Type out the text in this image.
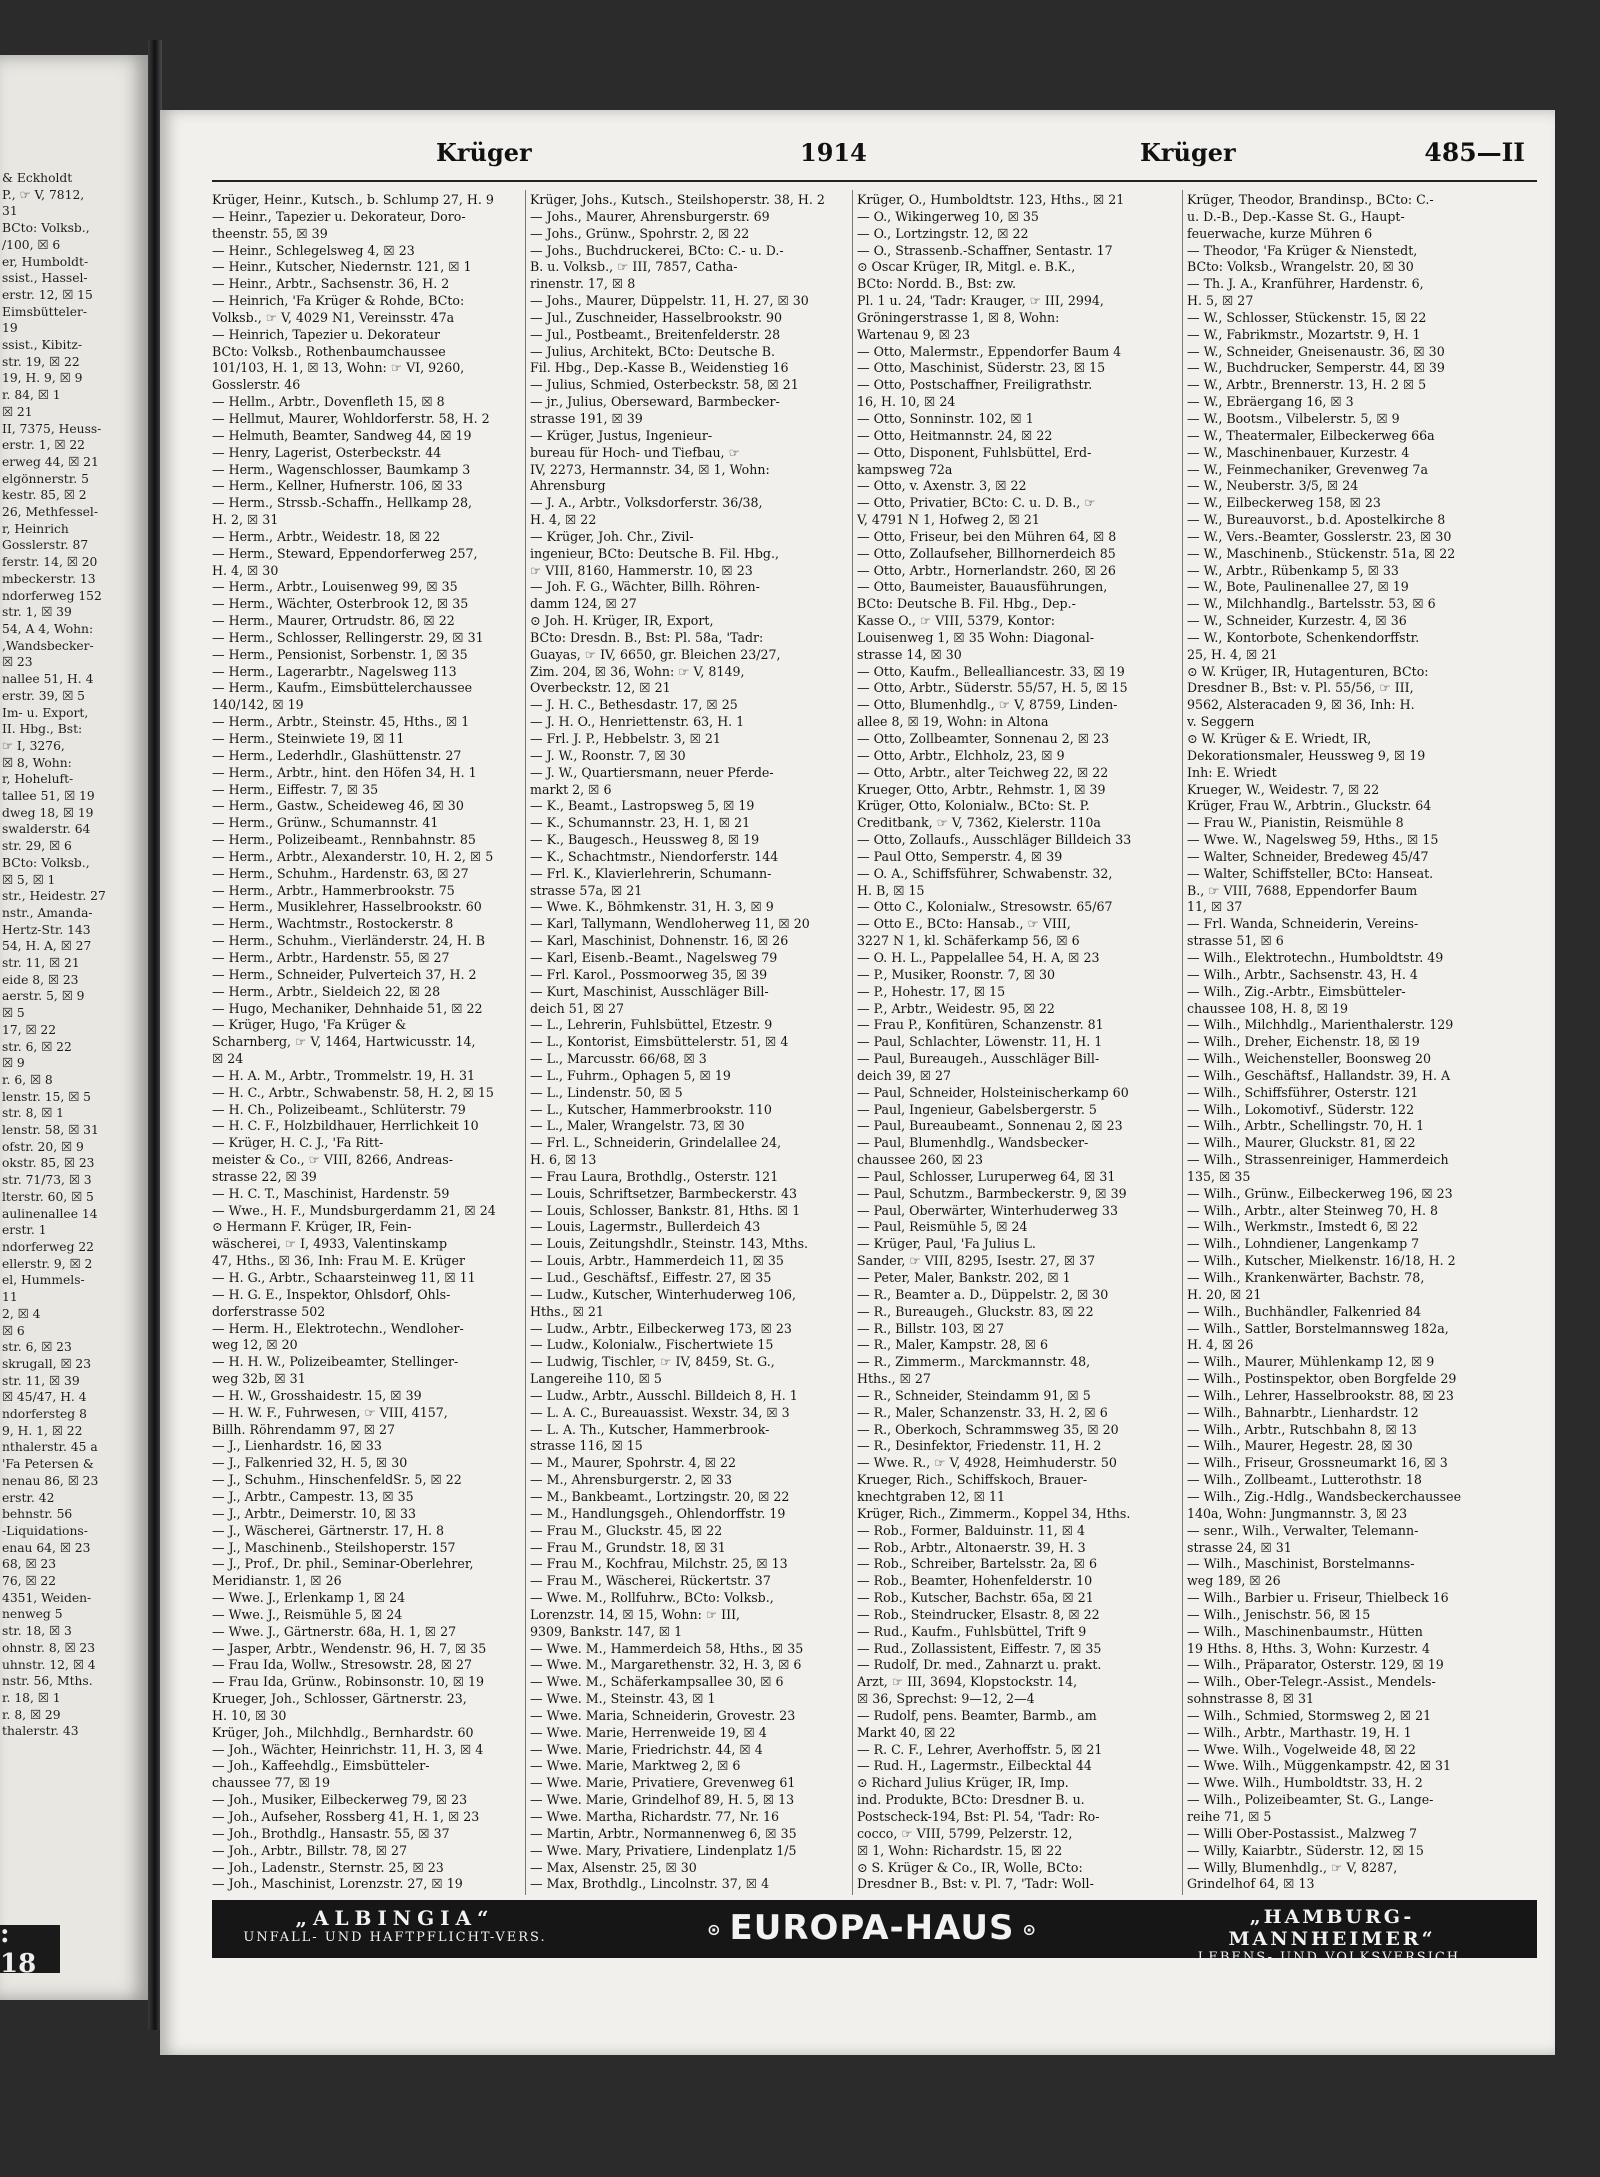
& Eckholdt
P., ☞ V, 7812,
31
BCto: Volksb.,
/100, ☒ 6
er, Humboldt-
ssist., Hassel-
erstr. 12, ☒ 15
Eimsbütteler-
19
ssist., Kibitz-
str. 19, ☒ 22
19, H. 9, ☒ 9
r. 84, ☒ 1
☒ 21
II, 7375, Heuss-
erstr. 1, ☒ 22
erweg 44, ☒ 21
elgönnerstr. 5
kestr. 85, ☒ 2
26, Methfessel-
r, Heinrich
Gosslerstr. 87
ferstr. 14, ☒ 20
mbeckerstr. 13
ndorferweg 152
str. 1, ☒ 39
54, A 4, Wohn:
,Wandsbecker-
☒ 23
nallee 51, H. 4
erstr. 39, ☒ 5
Im- u. Export,
II. Hbg., Bst:
☞ I, 3276,
☒ 8, Wohn:
r, Hoheluft-
tallee 51, ☒ 19
dweg 18, ☒ 19
swalderstr. 64
str. 29, ☒ 6
BCto: Volksb.,
☒ 5, ☒ 1
str., Heidestr. 27
nstr., Amanda-
Hertz-Str. 143
54, H. A, ☒ 27
str. 11, ☒ 21
eide 8, ☒ 23
aerstr. 5, ☒ 9
☒ 5
17, ☒ 22
str. 6, ☒ 22
☒ 9
r. 6, ☒ 8
lenstr. 15, ☒ 5
str. 8, ☒ 1
lenstr. 58, ☒ 31
ofstr. 20, ☒ 9
okstr. 85, ☒ 23
str. 71/73, ☒ 3
lterstr. 60, ☒ 5
aulinenallee 14
erstr. 1
ndorferweg 22
ellerstr. 9, ☒ 2
el, Hummels-
11
2, ☒ 4
☒ 6
str. 6, ☒ 23
skrugall, ☒ 23
str. 11, ☒ 39
☒ 45/47, H. 4
ndorfersteg 8
9, H. 1, ☒ 22
nthalerstr. 45 a
'Fa Petersen &
nenau 86, ☒ 23
erstr. 42
behnstr. 56
-Liquidations-
enau 64, ☒ 23
68, ☒ 23
76, ☒ 22
4351, Weiden-
nenweg 5
str. 18, ☒ 3
ohnstr. 8, ☒ 23
uhnstr. 12, ☒ 4
nstr. 56, Mths.
r. 18, ☒ 1
r. 8, ☒ 29
thalerstr. 43
: 18
Krüger	1914	Krüger	485—II
Krüger, Heinr., Kutsch., b. Schlump 27, H. 9
— Heinr., Tapezier u. Dekorateur, Doro-
theenstr. 55, ☒ 39
— Heinr., Schlegelsweg 4, ☒ 23
— Heinr., Kutscher, Niedernstr. 121, ☒ 1
— Heinr., Arbtr., Sachsenstr. 36, H. 2
— Heinrich, 'Fa Krüger & Rohde, BCto:
Volksb., ☞ V, 4029 N1, Vereinsstr. 47a
— Heinrich, Tapezier u. Dekorateur
BCto: Volksb., Rothenbaumchaussee
101/103, H. 1, ☒ 13, Wohn: ☞ VI, 9260,
Gosslerstr. 46
— Hellm., Arbtr., Dovenfleth 15, ☒ 8
— Hellmut, Maurer, Wohldorferstr. 58, H. 2
— Helmuth, Beamter, Sandweg 44, ☒ 19
— Henry, Lagerist, Osterbeckstr. 44
— Herm., Wagenschlosser, Baumkamp 3
— Herm., Kellner, Hufnerstr. 106, ☒ 33
— Herm., Strssb.-Schaffn., Hellkamp 28,
H. 2, ☒ 31
— Herm., Arbtr., Weidestr. 18, ☒ 22
— Herm., Steward, Eppendorferweg 257,
H. 4, ☒ 30
— Herm., Arbtr., Louisenweg 99, ☒ 35
— Herm., Wächter, Osterbrook 12, ☒ 35
— Herm., Maurer, Ortrudstr. 86, ☒ 22
— Herm., Schlosser, Rellingerstr. 29, ☒ 31
— Herm., Pensionist, Sorbenstr. 1, ☒ 35
— Herm., Lagerarbtr., Nagelsweg 113
— Herm., Kaufm., Eimsbüttelerchaussee
140/142, ☒ 19
— Herm., Arbtr., Steinstr. 45, Hths., ☒ 1
— Herm., Steinwiete 19, ☒ 11
— Herm., Lederhdlr., Glashüttenstr. 27
— Herm., Arbtr., hint. den Höfen 34, H. 1
— Herm., Eiffestr. 7, ☒ 35
— Herm., Gastw., Scheideweg 46, ☒ 30
— Herm., Grünw., Schumannstr. 41
— Herm., Polizeibeamt., Rennbahnstr. 85
— Herm., Arbtr., Alexanderstr. 10, H. 2, ☒ 5
— Herm., Schuhm., Hardenstr. 63, ☒ 27
— Herm., Arbtr., Hammerbrookstr. 75
— Herm., Musiklehrer, Hasselbrookstr. 60
— Herm., Wachtmstr., Rostockerstr. 8
— Herm., Schuhm., Vierländerstr. 24, H. B
— Herm., Arbtr., Hardenstr. 55, ☒ 27
— Herm., Schneider, Pulverteich 37, H. 2
— Herm., Arbtr., Sieldeich 22, ☒ 28
— Hugo, Mechaniker, Dehnhaide 51, ☒ 22
— Krüger, Hugo, 'Fa Krüger &
Scharnberg, ☞ V, 1464, Hartwicusstr. 14,
☒ 24
— H. A. M., Arbtr., Trommelstr. 19, H. 31
— H. C., Arbtr., Schwabenstr. 58, H. 2, ☒ 15
— H. Ch., Polizeibeamt., Schlüterstr. 79
— H. C. F., Holzbildhauer, Herrlichkeit 10
— Krüger, H. C. J., 'Fa Ritt-
meister & Co., ☞ VIII, 8266, Andreas-
strasse 22, ☒ 39
— H. C. T., Maschinist, Hardenstr. 59
— Wwe., H. F., Mundsburgerdamm 21, ☒ 24
⊙ Hermann F. Krüger, IR, Fein-
wäscherei, ☞ I, 4933, Valentinskamp
47, Hths., ☒ 36, Inh: Frau M. E. Krüger
— H. G., Arbtr., Schaarsteinweg 11, ☒ 11
— H. G. E., Inspektor, Ohlsdorf, Ohls-
dorferstrasse 502
— Herm. H., Elektrotechn., Wendloher-
weg 12, ☒ 20
— H. H. W., Polizeibeamter, Stellinger-
weg 32b, ☒ 31
— H. W., Grosshaidestr. 15, ☒ 39
— H. W. F., Fuhrwesen, ☞ VIII, 4157,
Billh. Röhrendamm 97, ☒ 27
— J., Lienhardstr. 16, ☒ 33
— J., Falkenried 32, H. 5, ☒ 30
— J., Schuhm., HinschenfeldSr. 5, ☒ 22
— J., Arbtr., Campestr. 13, ☒ 35
— J., Arbtr., Deimerstr. 10, ☒ 33
— J., Wäscherei, Gärtnerstr. 17, H. 8
— J., Maschinenb., Steilshoperstr. 157
— J., Prof., Dr. phil., Seminar-Oberlehrer,
Meridianstr. 1, ☒ 26
— Wwe. J., Erlenkamp 1, ☒ 24
— Wwe. J., Reismühle 5, ☒ 24
— Wwe. J., Gärtnerstr. 68a, H. 1, ☒ 27
— Jasper, Arbtr., Wendenstr. 96, H. 7, ☒ 35
— Frau Ida, Wollw., Stresowstr. 28, ☒ 27
— Frau Ida, Grünw., Robinsonstr. 10, ☒ 19
Krueger, Joh., Schlosser, Gärtnerstr. 23,
H. 10, ☒ 30
Krüger, Joh., Milchhdlg., Bernhardstr. 60
— Joh., Wächter, Heinrichstr. 11, H. 3, ☒ 4
— Joh., Kaffeehdlg., Eimsbütteler-
chaussee 77, ☒ 19
— Joh., Musiker, Eilbeckerweg 79, ☒ 23
— Joh., Aufseher, Rossberg 41, H. 1, ☒ 23
— Joh., Brothdlg., Hansastr. 55, ☒ 37
— Joh., Arbtr., Billstr. 78, ☒ 27
— Joh., Ladenstr., Sternstr. 25, ☒ 23
— Joh., Maschinist, Lorenzstr. 27, ☒ 19
Krüger, Johs., Kutsch., Steilshoperstr. 38, H. 2
— Johs., Maurer, Ahrensburgerstr. 69
— Johs., Grünw., Spohrstr. 2, ☒ 22
— Johs., Buchdruckerei, BCto: C.- u. D.-
B. u. Volksb., ☞ III, 7857, Catha-
rinenstr. 17, ☒ 8
— Johs., Maurer, Düppelstr. 11, H. 27, ☒ 30
— Jul., Zuschneider, Hasselbrookstr. 90
— Jul., Postbeamt., Breitenfelderstr. 28
— Julius, Architekt, BCto: Deutsche B.
Fil. Hbg., Dep.-Kasse B., Weidenstieg 16
— Julius, Schmied, Osterbeckstr. 58, ☒ 21
— jr., Julius, Oberseward, Barmbecker-
strasse 191, ☒ 39
— Krüger, Justus, Ingenieur-
bureau für Hoch- und Tiefbau, ☞
IV, 2273, Hermannstr. 34, ☒ 1, Wohn:
Ahrensburg
— J. A., Arbtr., Volksdorferstr. 36/38,
H. 4, ☒ 22
— Krüger, Joh. Chr., Zivil-
ingenieur, BCto: Deutsche B. Fil. Hbg.,
☞ VIII, 8160, Hammerstr. 10, ☒ 23
— Joh. F. G., Wächter, Billh. Röhren-
damm 124, ☒ 27
⊙ Joh. H. Krüger, IR, Export,
BCto: Dresdn. B., Bst: Pl. 58a, 'Tadr:
Guayas, ☞ IV, 6650, gr. Bleichen 23/27,
Zim. 204, ☒ 36, Wohn: ☞ V, 8149,
Overbeckstr. 12, ☒ 21
— J. H. C., Bethesdastr. 17, ☒ 25
— J. H. O., Henriettenstr. 63, H. 1
— Frl. J. P., Hebbelstr. 3, ☒ 21
— J. W., Roonstr. 7, ☒ 30
— J. W., Quartiersmann, neuer Pferde-
markt 2, ☒ 6
— K., Beamt., Lastropsweg 5, ☒ 19
— K., Schumannstr. 23, H. 1, ☒ 21
— K., Baugesch., Heussweg 8, ☒ 19
— K., Schachtmstr., Niendorferstr. 144
— Frl. K., Klavierlehrerin, Schumann-
strasse 57a, ☒ 21
— Wwe. K., Böhmkenstr. 31, H. 3, ☒ 9
— Karl, Tallymann, Wendloherweg 11, ☒ 20
— Karl, Maschinist, Dohnenstr. 16, ☒ 26
— Karl, Eisenb.-Beamt., Nagelsweg 79
— Frl. Karol., Possmoorweg 35, ☒ 39
— Kurt, Maschinist, Ausschläger Bill-
deich 51, ☒ 27
— L., Lehrerin, Fuhlsbüttel, Etzestr. 9
— L., Kontorist, Eimsbüttelerstr. 51, ☒ 4
— L., Marcusstr. 66/68, ☒ 3
— L., Fuhrm., Ophagen 5, ☒ 19
— L., Lindenstr. 50, ☒ 5
— L., Kutscher, Hammerbrookstr. 110
— L., Maler, Wrangelstr. 73, ☒ 30
— Frl. L., Schneiderin, Grindelallee 24,
H. 6, ☒ 13
— Frau Laura, Brothdlg., Osterstr. 121
— Louis, Schriftsetzer, Barmbeckerstr. 43
— Louis, Schlosser, Bankstr. 81, Hths. ☒ 1
— Louis, Lagermstr., Bullerdeich 43
— Louis, Zeitungshdlr., Steinstr. 143, Mths.
— Louis, Arbtr., Hammerdeich 11, ☒ 35
— Lud., Geschäftsf., Eiffestr. 27, ☒ 35
— Ludw., Kutscher, Winterhuderweg 106,
Hths., ☒ 21
— Ludw., Arbtr., Eilbeckerweg 173, ☒ 23
— Ludw., Kolonialw., Fischertwiete 15
— Ludwig, Tischler, ☞ IV, 8459, St. G.,
Langereihe 110, ☒ 5
— Ludw., Arbtr., Ausschl. Billdeich 8, H. 1
— L. A. C., Bureauassist. Wexstr. 34, ☒ 3
— L. A. Th., Kutscher, Hammerbrook-
strasse 116, ☒ 15
— M., Maurer, Spohrstr. 4, ☒ 22
— M., Ahrensburgerstr. 2, ☒ 33
— M., Bankbeamt., Lortzingstr. 20, ☒ 22
— M., Handlungsgeh., Ohlendorffstr. 19
— Frau M., Gluckstr. 45, ☒ 22
— Frau M., Grundstr. 18, ☒ 31
— Frau M., Kochfrau, Milchstr. 25, ☒ 13
— Frau M., Wäscherei, Rückertstr. 37
— Wwe. M., Rollfuhrw., BCto: Volksb.,
Lorenzstr. 14, ☒ 15, Wohn: ☞ III,
9309, Bankstr. 147, ☒ 1
— Wwe. M., Hammerdeich 58, Hths., ☒ 35
— Wwe. M., Margarethenstr. 32, H. 3, ☒ 6
— Wwe. M., Schäferkampsallee 30, ☒ 6
— Wwe. M., Steinstr. 43, ☒ 1
— Wwe. Maria, Schneiderin, Grovestr. 23
— Wwe. Marie, Herrenweide 19, ☒ 4
— Wwe. Marie, Friedrichstr. 44, ☒ 4
— Wwe. Marie, Marktweg 2, ☒ 6
— Wwe. Marie, Privatiere, Grevenweg 61
— Wwe. Marie, Grindelhof 89, H. 5, ☒ 13
— Wwe. Martha, Richardstr. 77, Nr. 16
— Martin, Arbtr., Normannenweg 6, ☒ 35
— Wwe. Mary, Privatiere, Lindenplatz 1/5
— Max, Alsenstr. 25, ☒ 30
— Max, Brothdlg., Lincolnstr. 37, ☒ 4
Krüger, O., Humboldtstr. 123, Hths., ☒ 21
— O., Wikingerweg 10, ☒ 35
— O., Lortzingstr. 12, ☒ 22
— O., Strassenb.-Schaffner, Sentastr. 17
⊙ Oscar Krüger, IR, Mitgl. e. B.K.,
BCto: Nordd. B., Bst: zw.
Pl. 1 u. 24, 'Tadr: Krauger, ☞ III, 2994,
Gröningerstrasse 1, ☒ 8, Wohn:
Wartenau 9, ☒ 23
— Otto, Malermstr., Eppendorfer Baum 4
— Otto, Maschinist, Süderstr. 23, ☒ 15
— Otto, Postschaffner, Freiligrathstr.
16, H. 10, ☒ 24
— Otto, Sonninstr. 102, ☒ 1
— Otto, Heitmannstr. 24, ☒ 22
— Otto, Disponent, Fuhlsbüttel, Erd-
kampsweg 72a
— Otto, v. Axenstr. 3, ☒ 22
— Otto, Privatier, BCto: C. u. D. B., ☞
V, 4791 N 1, Hofweg 2, ☒ 21
— Otto, Friseur, bei den Mühren 64, ☒ 8
— Otto, Zollaufseher, Billhornerdeich 85
— Otto, Arbtr., Hornerlandstr. 260, ☒ 26
— Otto, Baumeister, Bauausführungen,
BCto: Deutsche B. Fil. Hbg., Dep.-
Kasse O., ☞ VIII, 5379, Kontor:
Louisenweg 1, ☒ 35 Wohn: Diagonal-
strasse 14, ☒ 30
— Otto, Kaufm., Bellealliancestr. 33, ☒ 19
— Otto, Arbtr., Süderstr. 55/57, H. 5, ☒ 15
— Otto, Blumenhdlg., ☞ V, 8759, Linden-
allee 8, ☒ 19, Wohn: in Altona
— Otto, Zollbeamter, Sonnenau 2, ☒ 23
— Otto, Arbtr., Elchholz, 23, ☒ 9
— Otto, Arbtr., alter Teichweg 22, ☒ 22
Krueger, Otto, Arbtr., Rehmstr. 1, ☒ 39
Krüger, Otto, Kolonialw., BCto: St. P.
Creditbank, ☞ V, 7362, Kielerstr. 110a
— Otto, Zollaufs., Ausschläger Billdeich 33
— Paul Otto, Semperstr. 4, ☒ 39
— O. A., Schiffsführer, Schwabenstr. 32,
H. B, ☒ 15
— Otto C., Kolonialw., Stresowstr. 65/67
— Otto E., BCto: Hansab., ☞ VIII,
3227 N 1, kl. Schäferkamp 56, ☒ 6
— O. H. L., Pappelallee 54, H. A, ☒ 23
— P., Musiker, Roonstr. 7, ☒ 30
— P., Hohestr. 17, ☒ 15
— P., Arbtr., Weidestr. 95, ☒ 22
— Frau P., Konfitüren, Schanzenstr. 81
— Paul, Schlachter, Löwenstr. 11, H. 1
— Paul, Bureaugeh., Ausschläger Bill-
deich 39, ☒ 27
— Paul, Schneider, Holsteinischerkamp 60
— Paul, Ingenieur, Gabelsbergerstr. 5
— Paul, Bureaubeamt., Sonnenau 2, ☒ 23
— Paul, Blumenhdlg., Wandsbecker-
chaussee 260, ☒ 23
— Paul, Schlosser, Luruperweg 64, ☒ 31
— Paul, Schutzm., Barmbeckerstr. 9, ☒ 39
— Paul, Oberwärter, Winterhuderweg 33
— Paul, Reismühle 5, ☒ 24
— Krüger, Paul, 'Fa Julius L.
Sander, ☞ VIII, 8295, Isestr. 27, ☒ 37
— Peter, Maler, Bankstr. 202, ☒ 1
— R., Beamter a. D., Düppelstr. 2, ☒ 30
— R., Bureaugeh., Gluckstr. 83, ☒ 22
— R., Billstr. 103, ☒ 27
— R., Maler, Kampstr. 28, ☒ 6
— R., Zimmerm., Marckmannstr. 48,
Hths., ☒ 27
— R., Schneider, Steindamm 91, ☒ 5
— R., Maler, Schanzenstr. 33, H. 2, ☒ 6
— R., Oberkoch, Schrammsweg 35, ☒ 20
— R., Desinfektor, Friedenstr. 11, H. 2
— Wwe. R., ☞ V, 4928, Heimhuderstr. 50
Krueger, Rich., Schiffskoch, Brauer-
knechtgraben 12, ☒ 11
Krüger, Rich., Zimmerm., Koppel 34, Hths.
— Rob., Former, Balduinstr. 11, ☒ 4
— Rob., Arbtr., Altonaerstr. 39, H. 3
— Rob., Schreiber, Bartelsstr. 2a, ☒ 6
— Rob., Beamter, Hohenfelderstr. 10
— Rob., Kutscher, Bachstr. 65a, ☒ 21
— Rob., Steindrucker, Elsastr. 8, ☒ 22
— Rud., Kaufm., Fuhlsbüttel, Trift 9
— Rud., Zollassistent, Eiffestr. 7, ☒ 35
— Rudolf, Dr. med., Zahnarzt u. prakt.
Arzt, ☞ III, 3694, Klopstockstr. 14,
☒ 36, Sprechst: 9—12, 2—4
— Rudolf, pens. Beamter, Barmb., am
Markt 40, ☒ 22
— R. C. F., Lehrer, Averhoffstr. 5, ☒ 21
— Rud. H., Lagermstr., Eilbecktal 44
⊙ Richard Julius Krüger, IR, Imp.
ind. Produkte, BCto: Dresdner B. u.
Postscheck-194, Bst: Pl. 54, 'Tadr: Ro-
cocco, ☞ VIII, 5799, Pelzerstr. 12,
☒ 1, Wohn: Richardstr. 15, ☒ 22
⊙ S. Krüger & Co., IR, Wolle, BCto:
Dresdner B., Bst: v. Pl. 7, 'Tadr: Woll-
Krüger, Theodor, Brandinsp., BCto: C.-
u. D.-B., Dep.-Kasse St. G., Haupt-
feuerwache, kurze Mühren 6
— Theodor, 'Fa Krüger & Nienstedt,
BCto: Volksb., Wrangelstr. 20, ☒ 30
— Th. J. A., Kranführer, Hardenstr. 6,
H. 5, ☒ 27
— W., Schlosser, Stückenstr. 15, ☒ 22
— W., Fabrikmstr., Mozartstr. 9, H. 1
— W., Schneider, Gneisenaustr. 36, ☒ 30
— W., Buchdrucker, Semperstr. 44, ☒ 39
— W., Arbtr., Brennerstr. 13, H. 2 ☒ 5
— W., Ebräergang 16, ☒ 3
— W., Bootsm., Vilbelerstr. 5, ☒ 9
— W., Theatermaler, Eilbeckerweg 66a
— W., Maschinenbauer, Kurzestr. 4
— W., Feinmechaniker, Grevenweg 7a
— W., Neuberstr. 3/5, ☒ 24
— W., Eilbeckerweg 158, ☒ 23
— W., Bureauvorst., b.d. Apostelkirche 8
— W., Vers.-Beamter, Gosslerstr. 23, ☒ 30
— W., Maschinenb., Stückenstr. 51a, ☒ 22
— W., Arbtr., Rübenkamp 5, ☒ 33
— W., Bote, Paulinenallee 27, ☒ 19
— W., Milchhandlg., Bartelsstr. 53, ☒ 6
— W., Schneider, Kurzestr. 4, ☒ 36
— W., Kontorbote, Schenkendorffstr.
25, H. 4, ☒ 21
⊙ W. Krüger, IR, Hutagenturen, BCto:
Dresdner B., Bst: v. Pl. 55/56, ☞ III,
9562, Alsteracaden 9, ☒ 36, Inh: H.
v. Seggern
⊙ W. Krüger & E. Wriedt, IR,
Dekorationsmaler, Heussweg 9, ☒ 19
Inh: E. Wriedt
Krueger, W., Weidestr. 7, ☒ 22
Krüger, Frau W., Arbtrin., Gluckstr. 64
— Frau W., Pianistin, Reismühle 8
— Wwe. W., Nagelsweg 59, Hths., ☒ 15
— Walter, Schneider, Bredeweg 45/47
— Walter, Schiffsteller, BCto: Hanseat.
B., ☞ VIII, 7688, Eppendorfer Baum
11, ☒ 37
— Frl. Wanda, Schneiderin, Vereins-
strasse 51, ☒ 6
— Wilh., Elektrotechn., Humboldtstr. 49
— Wilh., Arbtr., Sachsenstr. 43, H. 4
— Wilh., Zig.-Arbtr., Eimsbütteler-
chaussee 108, H. 8, ☒ 19
— Wilh., Milchhdlg., Marienthalerstr. 129
— Wilh., Dreher, Eichenstr. 18, ☒ 19
— Wilh., Weichensteller, Boonsweg 20
— Wilh., Geschäftsf., Hallandstr. 39, H. A
— Wilh., Schiffsführer, Osterstr. 121
— Wilh., Lokomotivf., Süderstr. 122
— Wilh., Arbtr., Schellingstr. 70, H. 1
— Wilh., Maurer, Gluckstr. 81, ☒ 22
— Wilh., Strassenreiniger, Hammerdeich
135, ☒ 35
— Wilh., Grünw., Eilbeckerweg 196, ☒ 23
— Wilh., Arbtr., alter Steinweg 70, H. 8
— Wilh., Werkmstr., Imstedt 6, ☒ 22
— Wilh., Lohndiener, Langenkamp 7
— Wilh., Kutscher, Mielkenstr. 16/18, H. 2
— Wilh., Krankenwärter, Bachstr. 78,
H. 20, ☒ 21
— Wilh., Buchhändler, Falkenried 84
— Wilh., Sattler, Borstelmannsweg 182a,
H. 4, ☒ 26
— Wilh., Maurer, Mühlenkamp 12, ☒ 9
— Wilh., Postinspektor, oben Borgfelde 29
— Wilh., Lehrer, Hasselbrookstr. 88, ☒ 23
— Wilh., Bahnarbtr., Lienhardstr. 12
— Wilh., Arbtr., Rutschbahn 8, ☒ 13
— Wilh., Maurer, Hegestr. 28, ☒ 30
— Wilh., Friseur, Grossneumarkt 16, ☒ 3
— Wilh., Zollbeamt., Lutterothstr. 18
— Wilh., Zig.-Hdlg., Wandsbeckerchaussee
140a, Wohn: Jungmannstr. 3, ☒ 23
— senr., Wilh., Verwalter, Telemann-
strasse 24, ☒ 31
— Wilh., Maschinist, Borstelmanns-
weg 189, ☒ 26
— Wilh., Barbier u. Friseur, Thielbeck 16
— Wilh., Jenischstr. 56, ☒ 15
— Wilh., Maschinenbaumstr., Hütten
19 Hths. 8, Hths. 3, Wohn: Kurzestr. 4
— Wilh., Präparator, Osterstr. 129, ☒ 19
— Wilh., Ober-Telegr.-Assist., Mendels-
sohnstrasse 8, ☒ 31
— Wilh., Schmied, Stormsweg 2, ☒ 21
— Wilh., Arbtr., Marthastr. 19, H. 1
— Wwe. Wilh., Vogelweide 48, ☒ 22
— Wwe. Wilh., Müggenkampstr. 42, ☒ 31
— Wwe. Wilh., Humboldtstr. 33, H. 2
— Wilh., Polizeibeamter, St. G., Lange-
reihe 71, ☒ 5
— Willi Ober-Postassist., Malzweg 7
— Willy, Kaiarbtr., Süderstr. 12, ☒ 15
— Willy, Blumenhdlg., ☞ V, 8287,
Grindelhof 64, ☒ 13
„ALBINGIA“
UNFALL- UND HAFTPFLICHT-VERS.	⊙ EUROPA-HAUS ⊙
„HAMBURG-MANNHEIMER“
LEBENS- UND VOLKSVERSICH.
